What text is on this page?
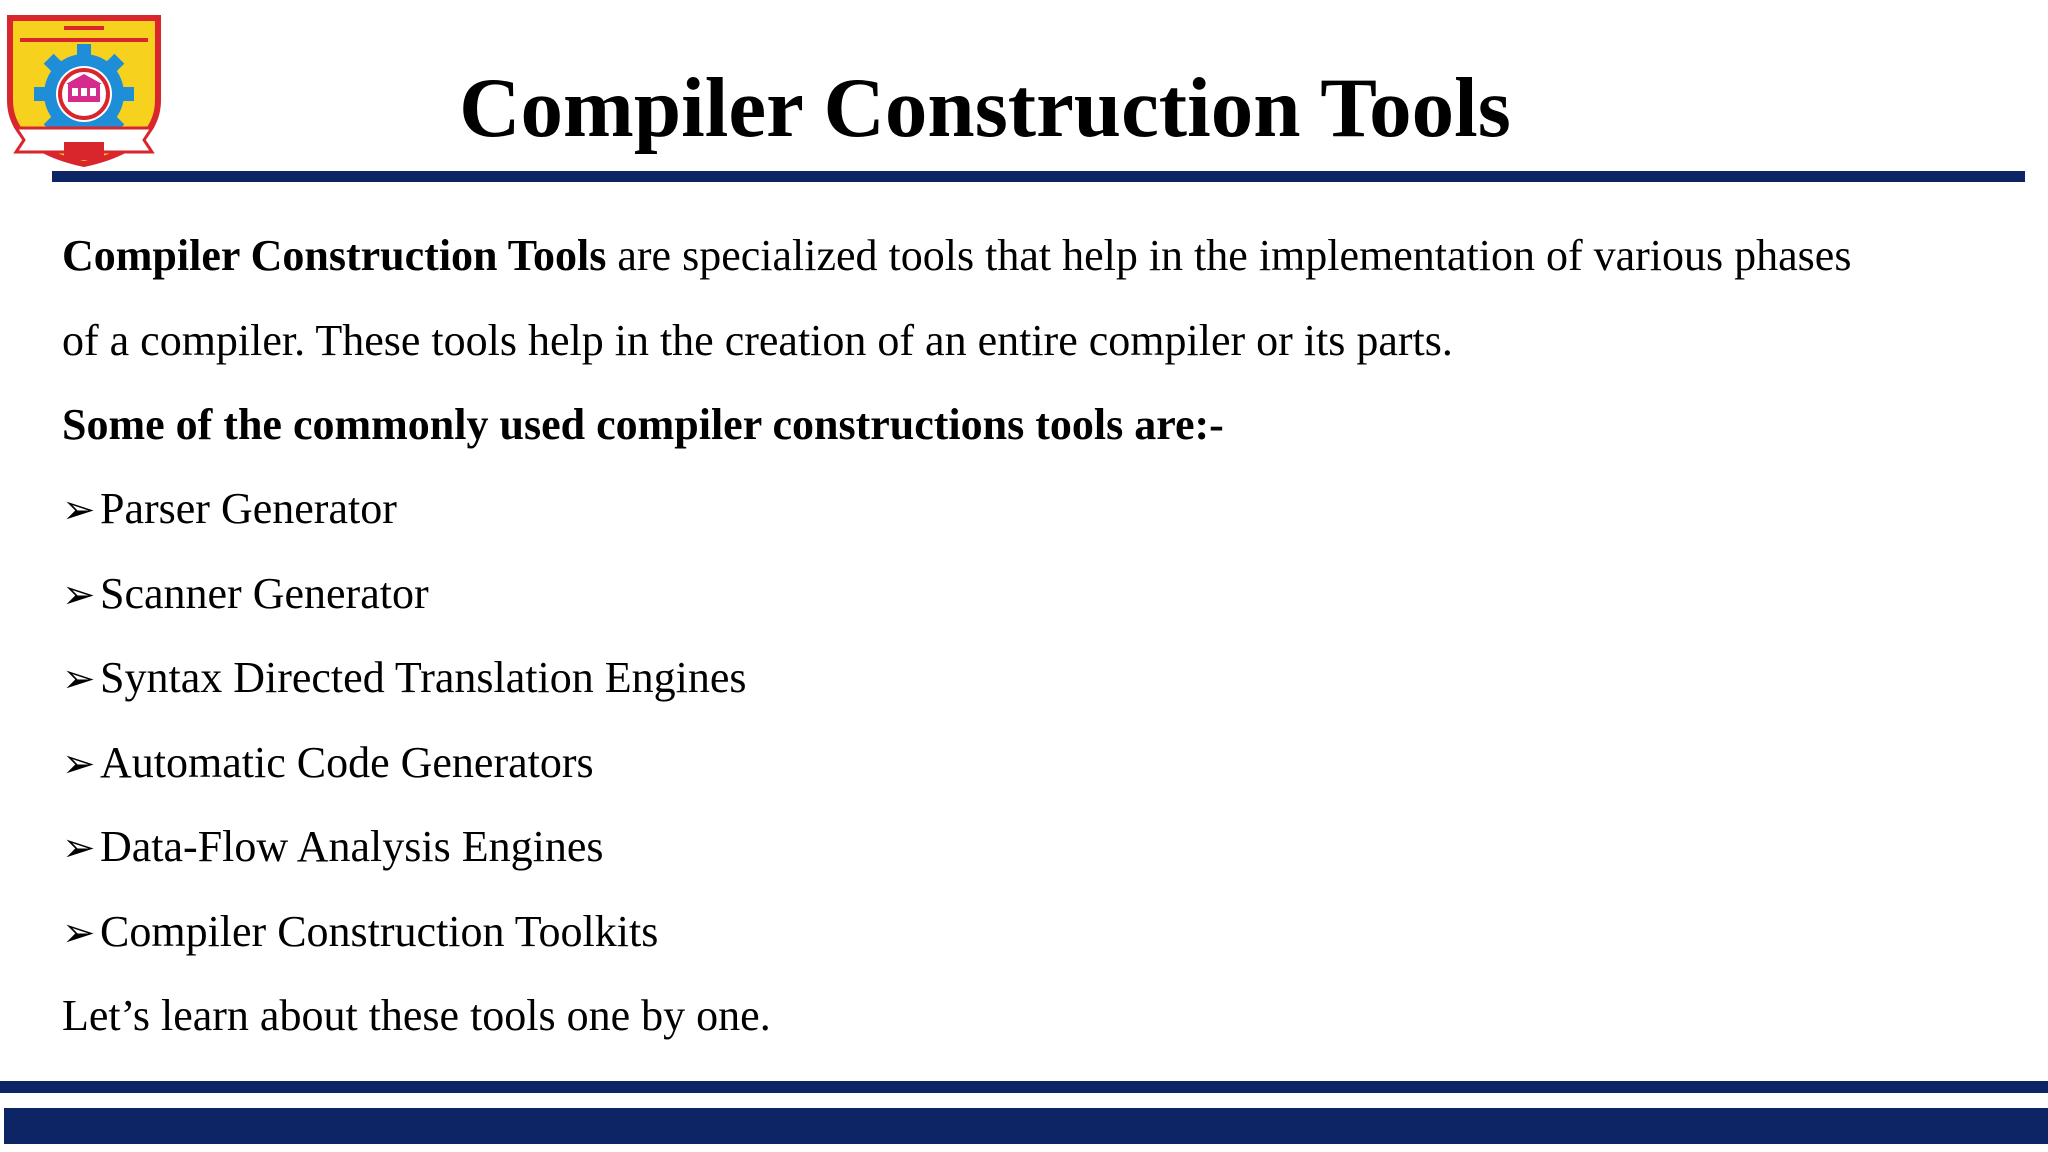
Compiler Construction Tools
Compiler Construction Tools are specialized tools that help in the implementation of various phases
of a compiler. These tools help in the creation of an entire compiler or its parts.
Some of the commonly used compiler constructions tools are:-
➢ Parser Generator
➢ Scanner Generator
➢ Syntax Directed Translation Engines
➢ Automatic Code Generators
➢ Data-Flow Analysis Engines
➢ Compiler Construction Toolkits
Let’s learn about these tools one by one.
